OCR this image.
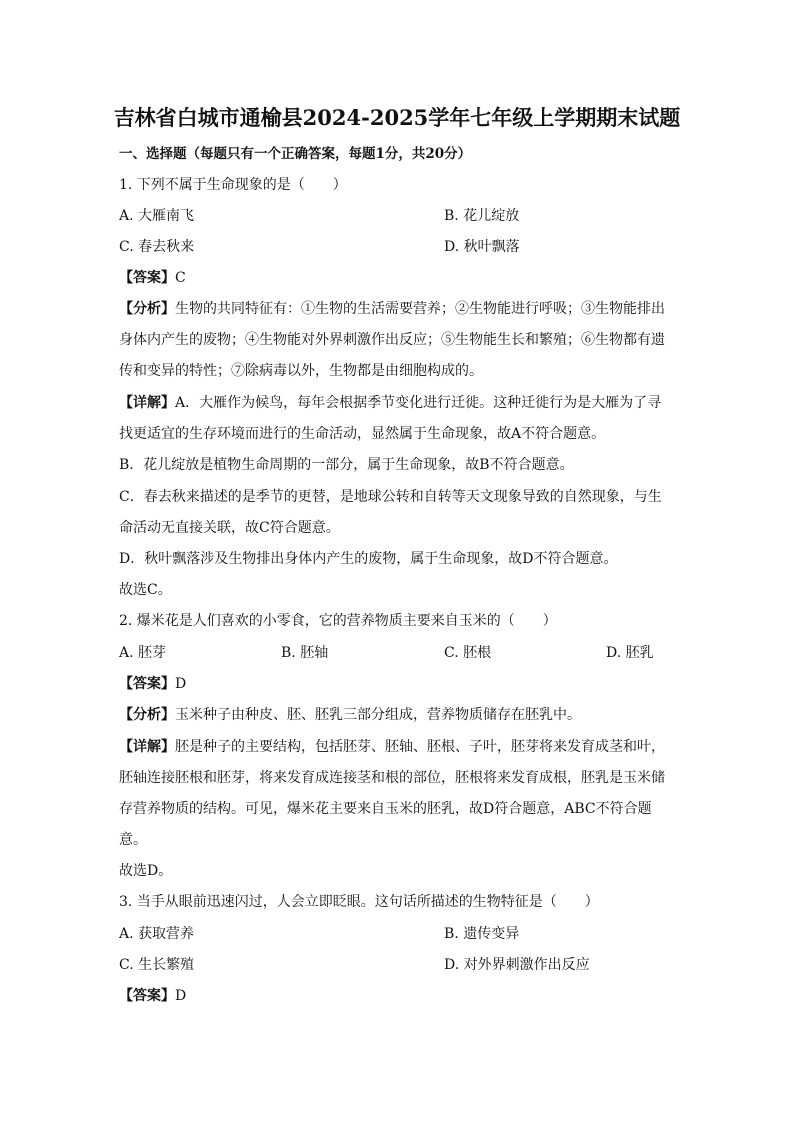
吉林省白城市通榆县2024-2025学年七年级上学期期末试题
一、选择题（每题只有一个正确答案，每题1分，共20分）
1. 下列不属于生命现象的是（　　）
A. 大雁南飞	B. 花儿绽放
C. 春去秋来	D. 秋叶飘落
【答案】C
【分析】生物的共同特征有：①生物的生活需要营养；②生物能进行呼吸；③生物能排出
身体内产生的废物；④生物能对外界刺激作出反应；⑤生物能生长和繁殖；⑥生物都有遗
传和变异的特性；⑦除病毒以外，生物都是由细胞构成的。
【详解】A．大雁作为候鸟，每年会根据季节变化进行迁徙。这种迁徙行为是大雁为了寻
找更适宜的生存环境而进行的生命活动，显然属于生命现象，故A不符合题意。
B．花儿绽放是植物生命周期的一部分，属于生命现象，故B不符合题意。
C．春去秋来描述的是季节的更替，是地球公转和自转等天文现象导致的自然现象，与生
命活动无直接关联，故C符合题意。
D．秋叶飘落涉及生物排出身体内产生的废物，属于生命现象，故D不符合题意。
故选C。
2. 爆米花是人们喜欢的小零食，它的营养物质主要来自玉米的（　　）
A. 胚芽	B. 胚轴	C. 胚根	D. 胚乳
【答案】D
【分析】玉米种子由种皮、胚、胚乳三部分组成，营养物质储存在胚乳中。
【详解】胚是种子的主要结构，包括胚芽、胚轴、胚根、子叶，胚芽将来发育成茎和叶，
胚轴连接胚根和胚芽，将来发育成连接茎和根的部位，胚根将来发育成根，胚乳是玉米储
存营养物质的结构。可见，爆米花主要来自玉米的胚乳，故D符合题意，ABC不符合题
意。
故选D。
3. 当手从眼前迅速闪过，人会立即眨眼。这句话所描述的生物特征是（　　）
A. 获取营养	B. 遗传变异
C. 生长繁殖	D. 对外界刺激作出反应
【答案】D
